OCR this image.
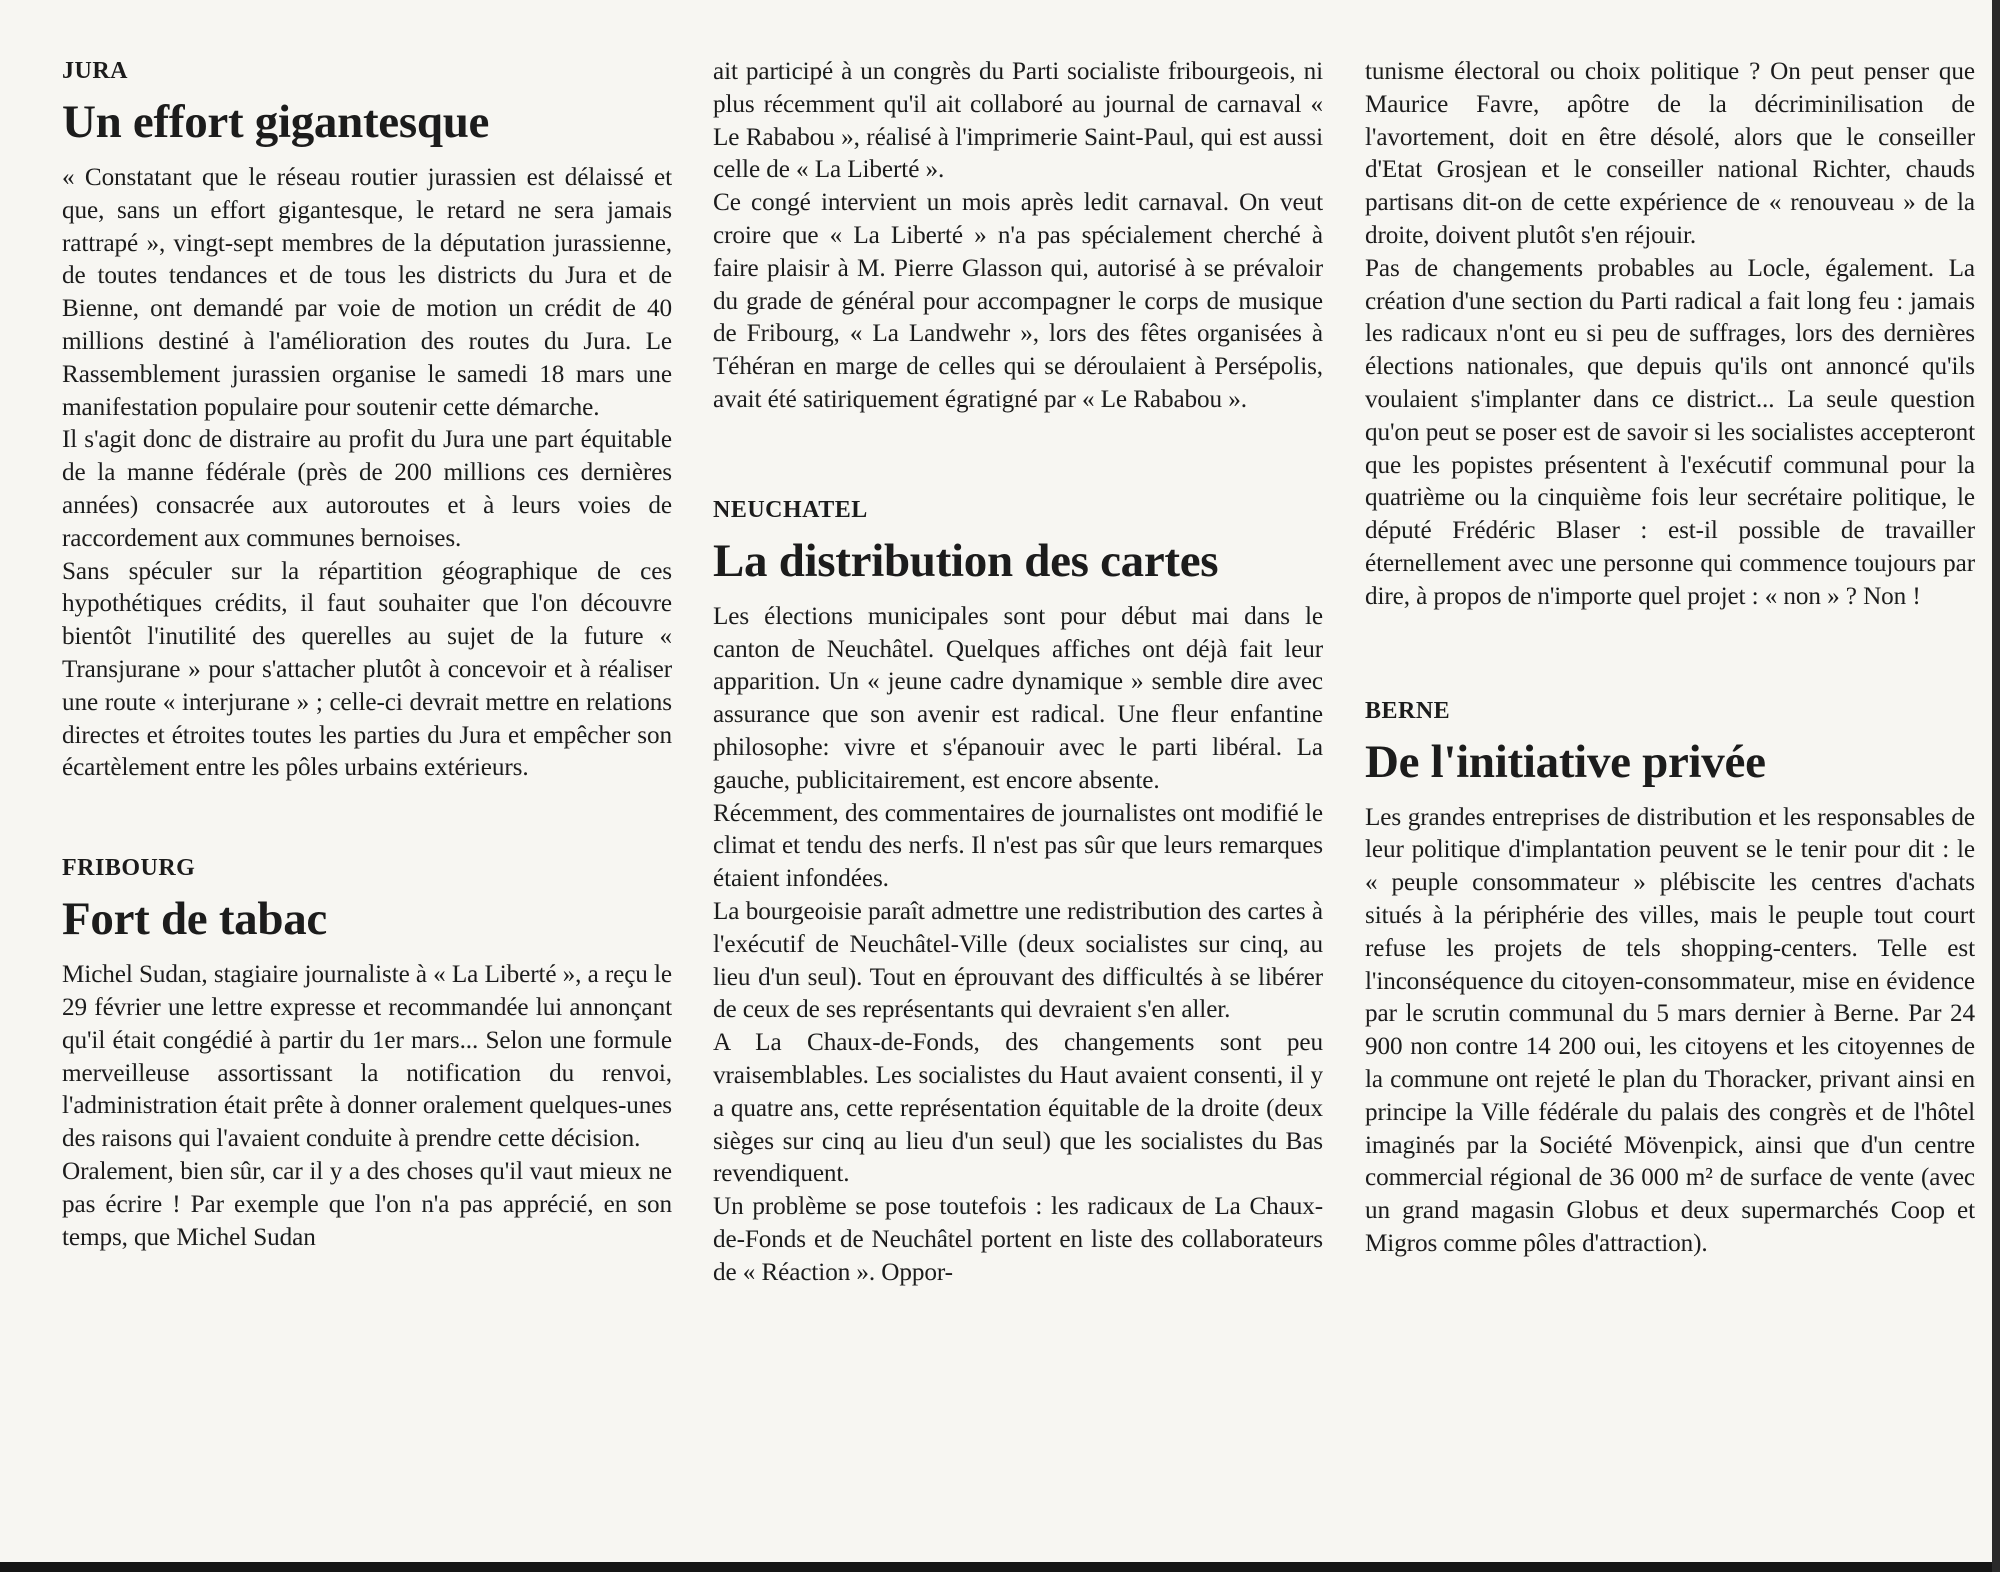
JURA
Un effort gigantesque

« Constatant que le réseau routier jurassien est délaissé et que, sans un effort gigantesque, le retard ne sera jamais rattrapé », vingt-sept membres de la députation jurassienne, de toutes tendances et de tous les districts du Jura et de Bienne, ont demandé par voie de motion un crédit de 40 millions destiné à l'amélioration des routes du Jura. Le Rassemblement jurassien organise le samedi 18 mars une manifestation populaire pour soutenir cette démarche.

Il s'agit donc de distraire au profit du Jura une part équitable de la manne fédérale (près de 200 millions ces dernières années) consacrée aux autoroutes et à leurs voies de raccordement aux communes bernoises.

Sans spéculer sur la répartition géographique de ces hypothétiques crédits, il faut souhaiter que l'on découvre bientôt l'inutilité des querelles au sujet de la future « Transjurane » pour s'attacher plutôt à concevoir et à réaliser une route « interjurane » ; celle-ci devrait mettre en relations directes et étroites toutes les parties du Jura et empêcher son écartèlement entre les pôles urbains extérieurs.

FRIBOURG
Fort de tabac

Michel Sudan, stagiaire journaliste à « La Liberté », a reçu le 29 février une lettre expresse et recommandée lui annonçant qu'il était congédié à partir du 1er mars... Selon une formule merveilleuse assortissant la notification du renvoi, l'administration était prête à donner oralement quelques-unes des raisons qui l'avaient conduite à prendre cette décision.

Oralement, bien sûr, car il y a des choses qu'il vaut mieux ne pas écrire ! Par exemple que l'on n'a pas apprécié, en son temps, que Michel Sudan

ait participé à un congrès du Parti socialiste fribourgeois, ni plus récemment qu'il ait collaboré au journal de carnaval « Le Rababou », réalisé à l'imprimerie Saint-Paul, qui est aussi celle de « La Liberté ».

Ce congé intervient un mois après ledit carnaval. On veut croire que « La Liberté » n'a pas spécialement cherché à faire plaisir à M. Pierre Glasson qui, autorisé à se prévaloir du grade de général pour accompagner le corps de musique de Fribourg, « La Landwehr », lors des fêtes organisées à Téhéran en marge de celles qui se déroulaient à Persépolis, avait été satiriquement égratigné par « Le Rababou ».

NEUCHATEL
La distribution des cartes

Les élections municipales sont pour début mai dans le canton de Neuchâtel. Quelques affiches ont déjà fait leur apparition. Un « jeune cadre dynamique » semble dire avec assurance que son avenir est radical. Une fleur enfantine philosophe: vivre et s'épanouir avec le parti libéral. La gauche, publicitairement, est encore absente.

Récemment, des commentaires de journalistes ont modifié le climat et tendu des nerfs. Il n'est pas sûr que leurs remarques étaient infondées.

La bourgeoisie paraît admettre une redistribution des cartes à l'exécutif de Neuchâtel-Ville (deux socialistes sur cinq, au lieu d'un seul). Tout en éprouvant des difficultés à se libérer de ceux de ses représentants qui devraient s'en aller.

A La Chaux-de-Fonds, des changements sont peu vraisemblables. Les socialistes du Haut avaient consenti, il y a quatre ans, cette représentation équitable de la droite (deux sièges sur cinq au lieu d'un seul) que les socialistes du Bas revendiquent.

Un problème se pose toutefois : les radicaux de La Chaux-de-Fonds et de Neuchâtel portent en liste des collaborateurs de « Réaction ». Oppor-

tunisme électoral ou choix politique ? On peut penser que Maurice Favre, apôtre de la décriminilisation de l'avortement, doit en être désolé, alors que le conseiller d'Etat Grosjean et le conseiller national Richter, chauds partisans dit-on de cette expérience de « renouveau » de la droite, doivent plutôt s'en réjouir.

Pas de changements probables au Locle, également. La création d'une section du Parti radical a fait long feu : jamais les radicaux n'ont eu si peu de suffrages, lors des dernières élections nationales, que depuis qu'ils ont annoncé qu'ils voulaient s'implanter dans ce district... La seule question qu'on peut se poser est de savoir si les socialistes accepteront que les popistes présentent à l'exécutif communal pour la quatrième ou la cinquième fois leur secrétaire politique, le député Frédéric Blaser : est-il possible de travailler éternellement avec une personne qui commence toujours par dire, à propos de n'importe quel projet : « non » ? Non !

BERNE
De l'initiative privée

Les grandes entreprises de distribution et les responsables de leur politique d'implantation peuvent se le tenir pour dit : le « peuple consommateur » plébiscite les centres d'achats situés à la périphérie des villes, mais le peuple tout court refuse les projets de tels shopping-centers. Telle est l'inconséquence du citoyen-consommateur, mise en évidence par le scrutin communal du 5 mars dernier à Berne. Par 24 900 non contre 14 200 oui, les citoyens et les citoyennes de la commune ont rejeté le plan du Thoracker, privant ainsi en principe la Ville fédérale du palais des congrès et de l'hôtel imaginés par la Société Mövenpick, ainsi que d'un centre commercial régional de 36 000 m² de surface de vente (avec un grand magasin Globus et deux supermarchés Coop et Migros comme pôles d'attraction).
